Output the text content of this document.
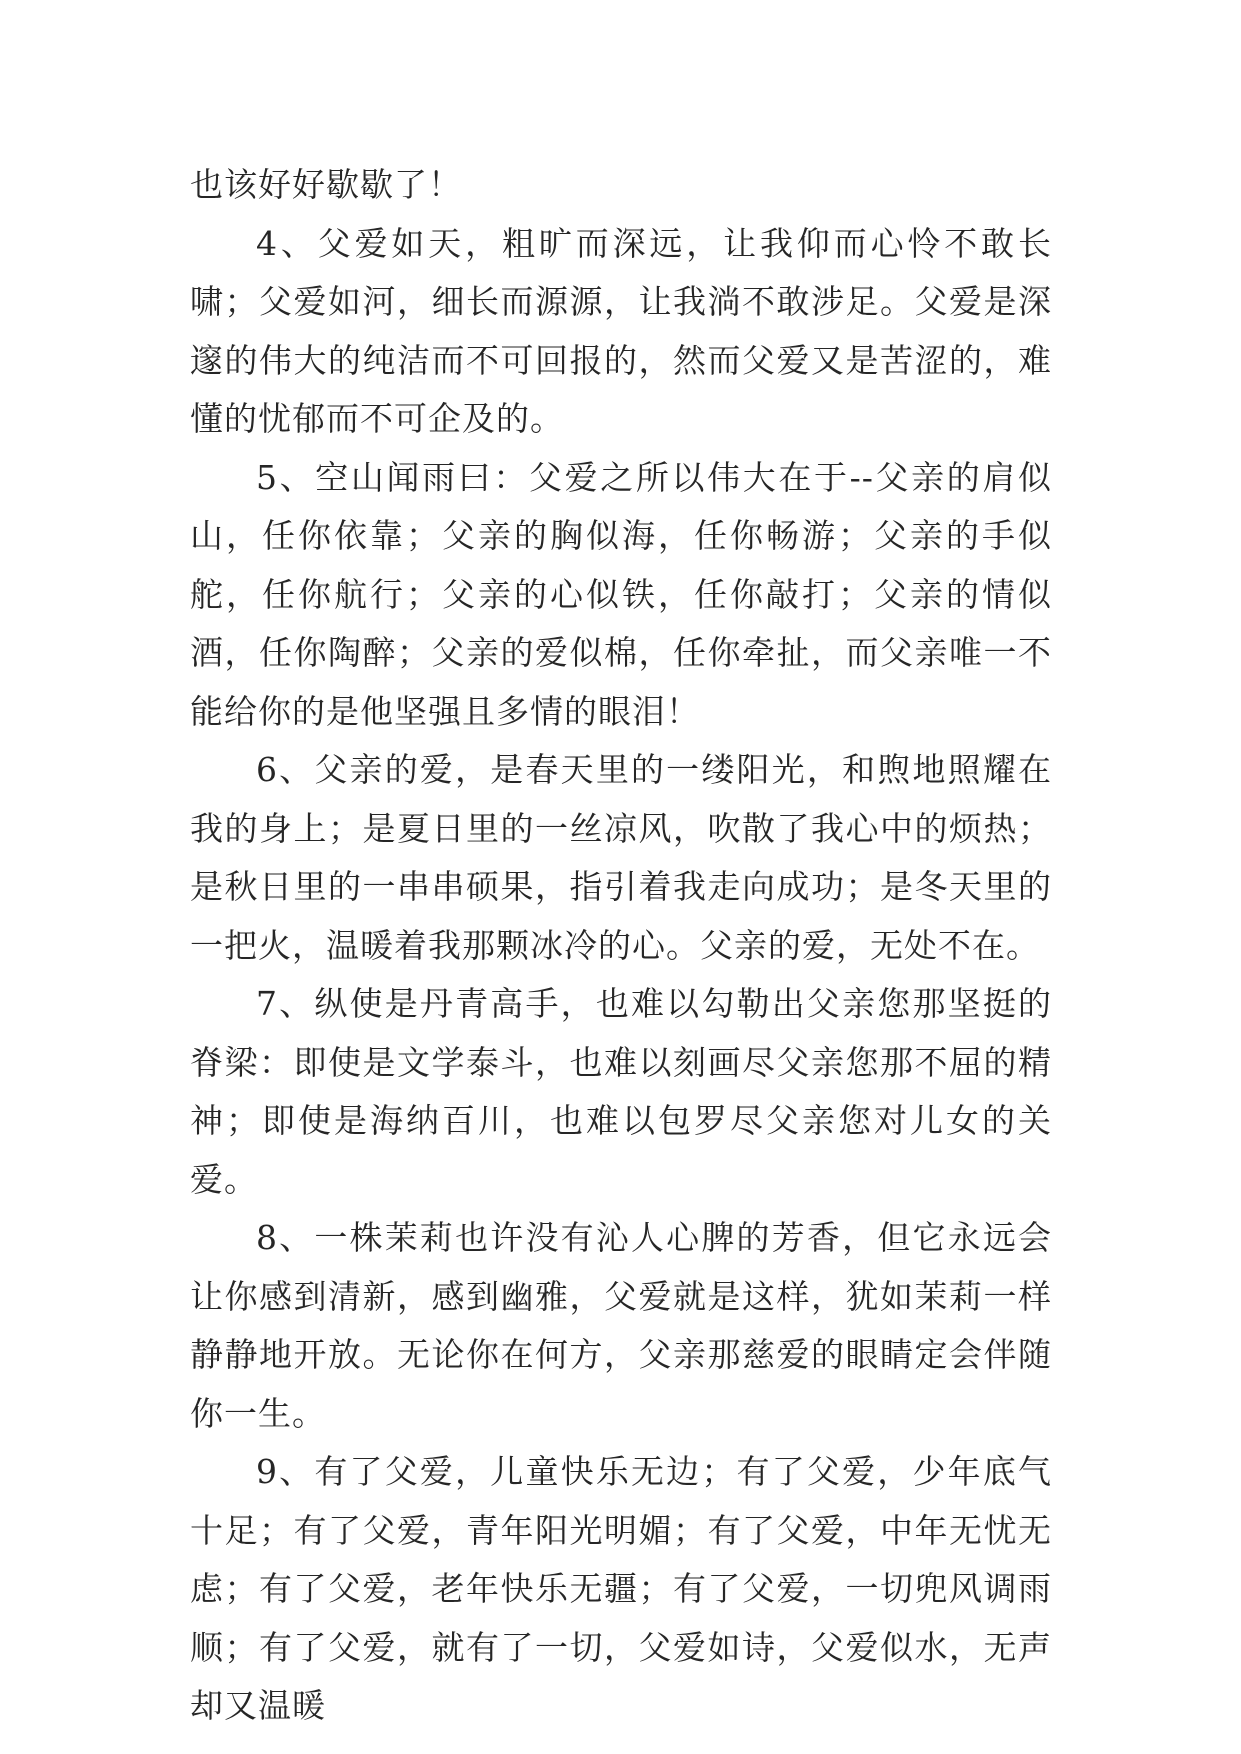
也该好好歇歇了！

4、父爱如天，粗旷而深远，让我仰而心怜不敢长啸；父爱如河，细长而源源，让我淌不敢涉足。父爱是深邃的伟大的纯洁而不可回报的，然而父爱又是苦涩的，难懂的忧郁而不可企及的。

5、空山闻雨曰：父爱之所以伟大在于--父亲的肩似山，任你依靠；父亲的胸似海，任你畅游；父亲的手似舵，任你航行；父亲的心似铁，任你敲打；父亲的情似酒，任你陶醉；父亲的爱似棉，任你牵扯，而父亲唯一不能给你的是他坚强且多情的眼泪！

6、父亲的爱，是春天里的一缕阳光，和煦地照耀在我的身上；是夏日里的一丝凉风，吹散了我心中的烦热；是秋日里的一串串硕果，指引着我走向成功；是冬天里的一把火，温暖着我那颗冰冷的心。父亲的爱，无处不在。

7、纵使是丹青高手，也难以勾勒出父亲您那坚挺的脊梁：即使是文学泰斗，也难以刻画尽父亲您那不屈的精神；即使是海纳百川，也难以包罗尽父亲您对儿女的关爱。

8、一株茉莉也许没有沁人心脾的芳香，但它永远会让你感到清新，感到幽雅，父爱就是这样，犹如茉莉一样静静地开放。无论你在何方，父亲那慈爱的眼睛定会伴随你一生。

9、有了父爱，儿童快乐无边；有了父爱，少年底气十足；有了父爱，青年阳光明媚；有了父爱，中年无忧无虑；有了父爱，老年快乐无疆；有了父爱，一切兜风调雨顺；有了父爱，就有了一切，父爱如诗，父爱似水，无声却又温暖
